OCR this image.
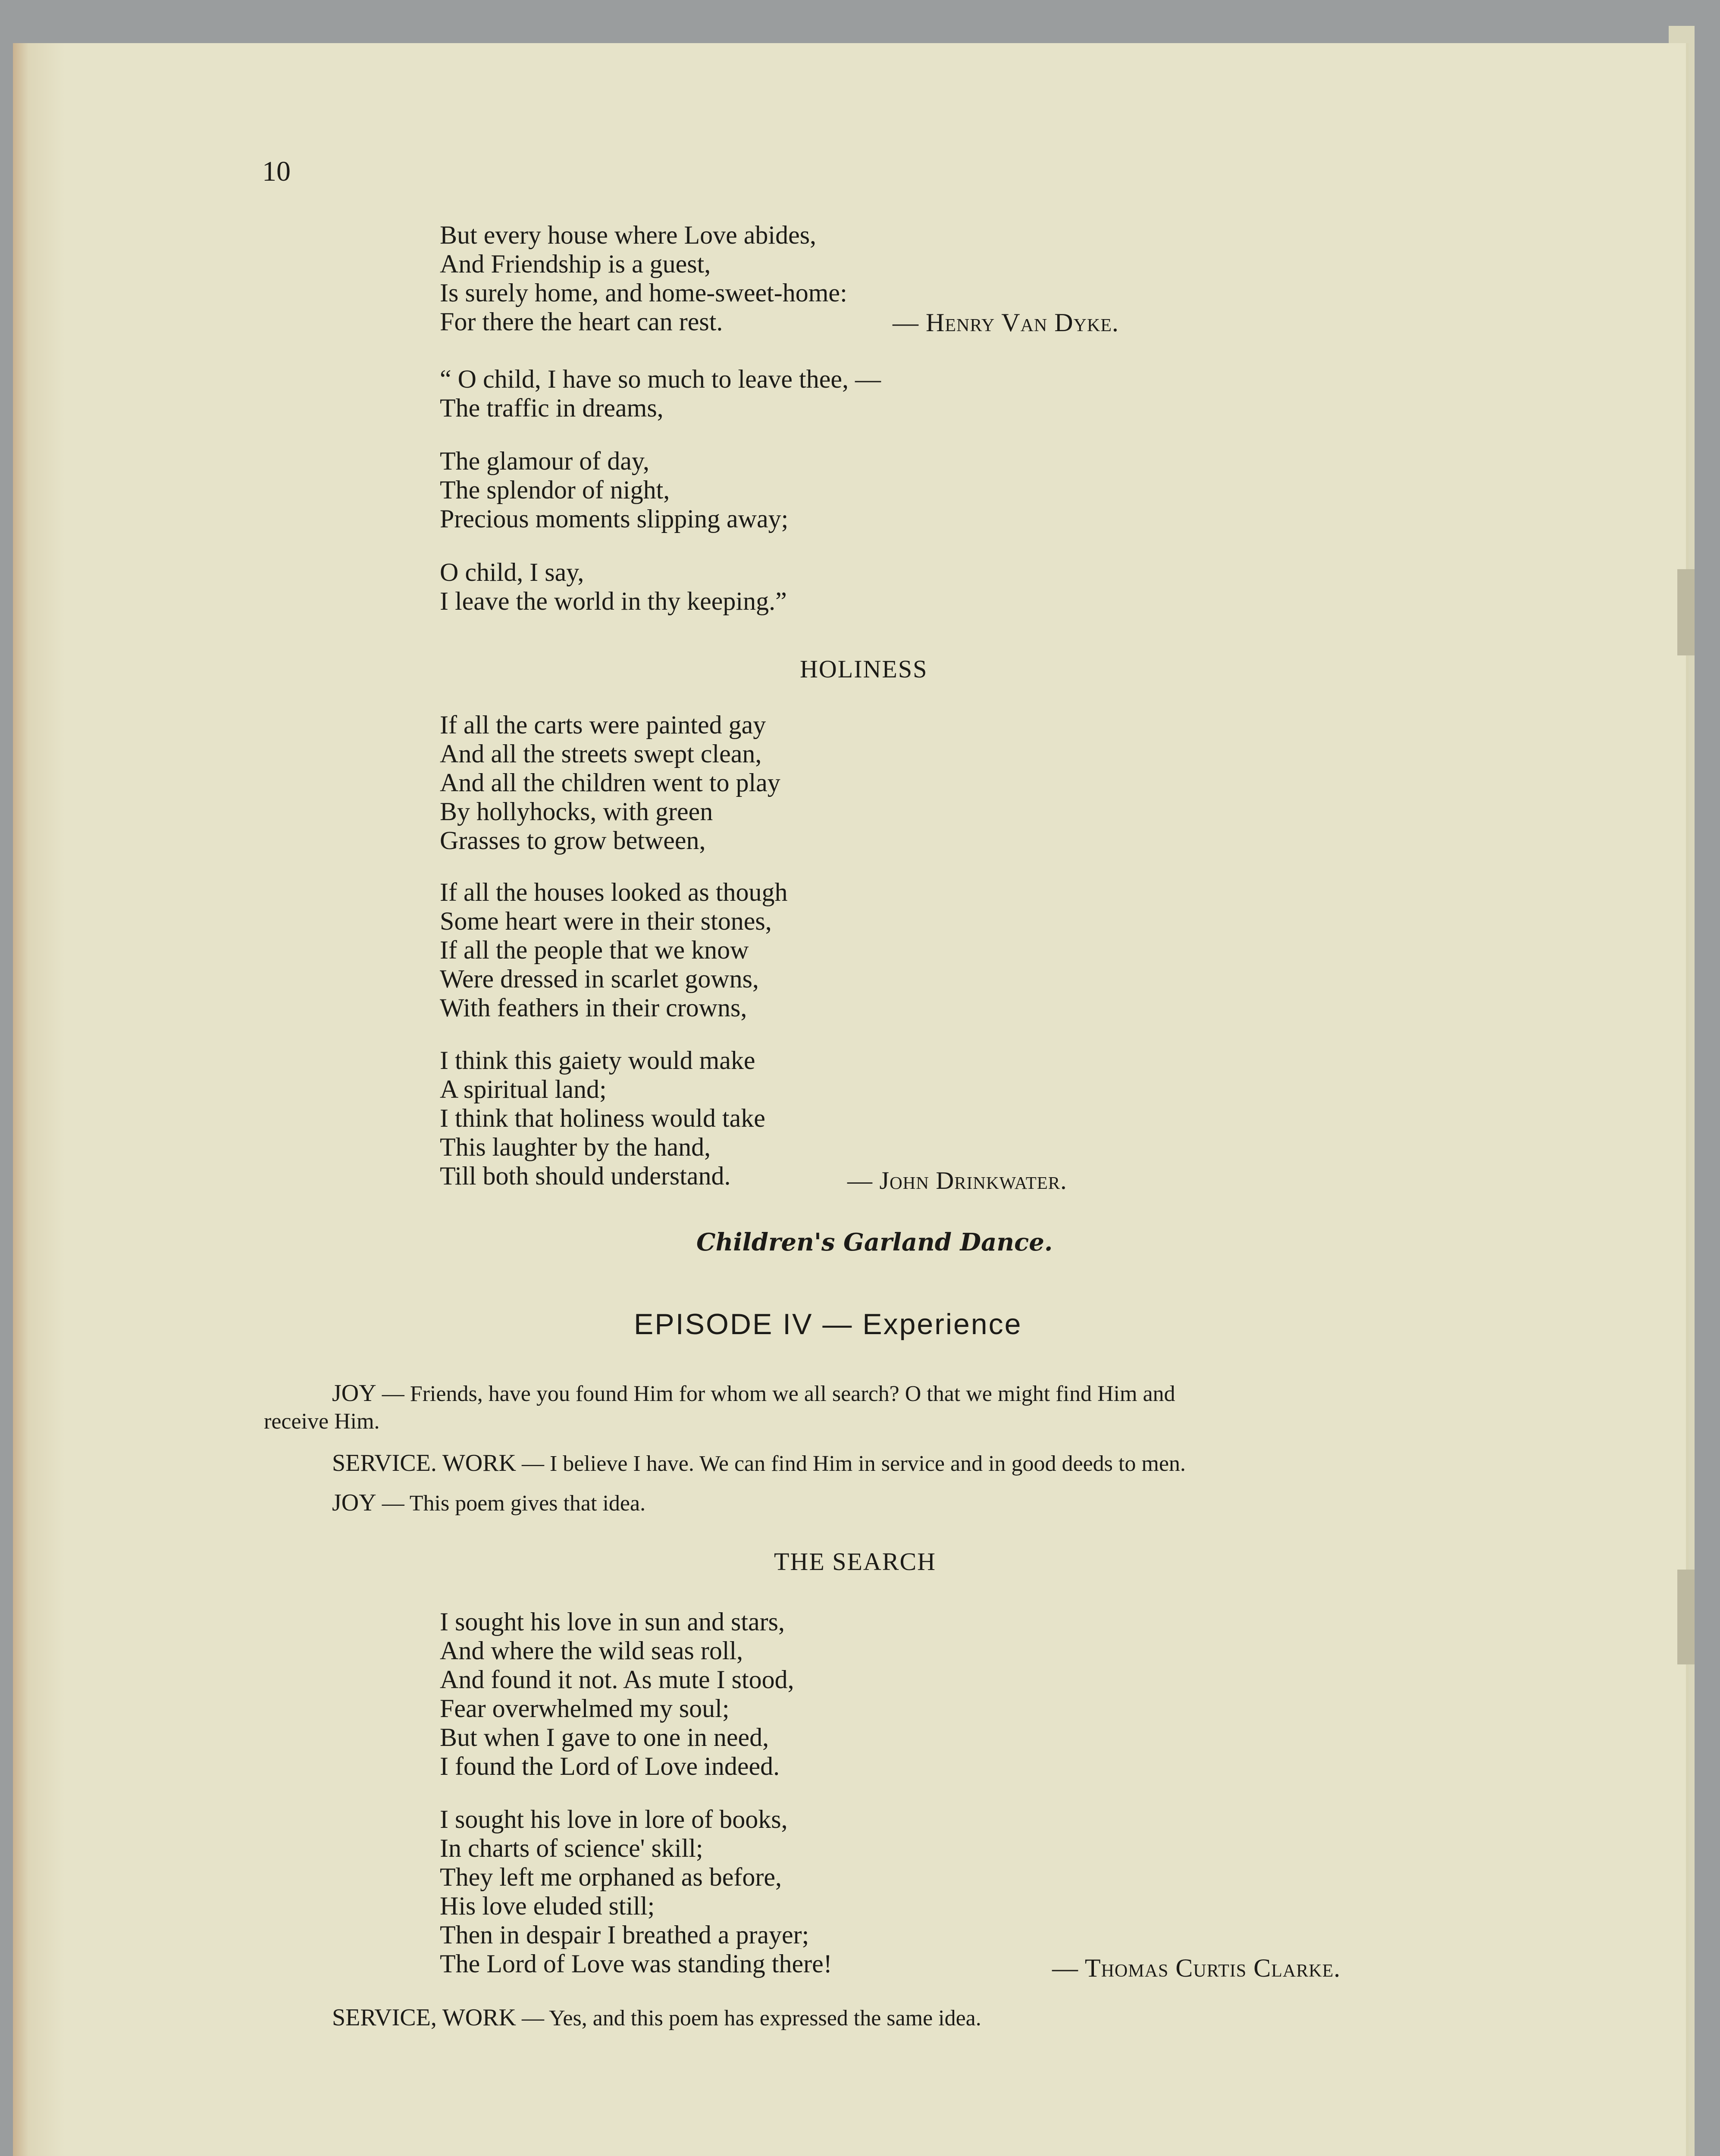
10
But every house where Love abides,
And Friendship is a guest,
Is surely home, and home-sweet-home:
For there the heart can rest.	— Henry Van Dyke.
“ O child, I have so much to leave thee, —
The traffic in dreams,
The glamour of day,
The splendor of night,
Precious moments slipping away;
O child, I say,
I leave the world in thy keeping.”
HOLINESS
If all the carts were painted gay
And all the streets swept clean,
And all the children went to play
By hollyhocks, with green
Grasses to grow between,
If all the houses looked as though
Some heart were in their stones,
If all the people that we know
Were dressed in scarlet gowns,
With feathers in their crowns,
I think this gaiety would make
A spiritual land;
I think that holiness would take
This laughter by the hand,
Till both should understand.	— John Drinkwater.
Children's Garland Dance.
EPISODE IV — Experience
JOY — Friends, have you found Him for whom we all search? O that we might find Him and
receive Him.
SERVICE. WORK — I believe I have. We can find Him in service and in good deeds to men.
JOY — This poem gives that idea.
THE SEARCH
I sought his love in sun and stars,
And where the wild seas roll,
And found it not. As mute I stood,
Fear overwhelmed my soul;
But when I gave to one in need,
I found the Lord of Love indeed.
I sought his love in lore of books,
In charts of science' skill;
They left me orphaned as before,
His love eluded still;
Then in despair I breathed a prayer;
The Lord of Love was standing there!	— Thomas Curtis Clarke.
SERVICE, WORK — Yes, and this poem has expressed the same idea.
